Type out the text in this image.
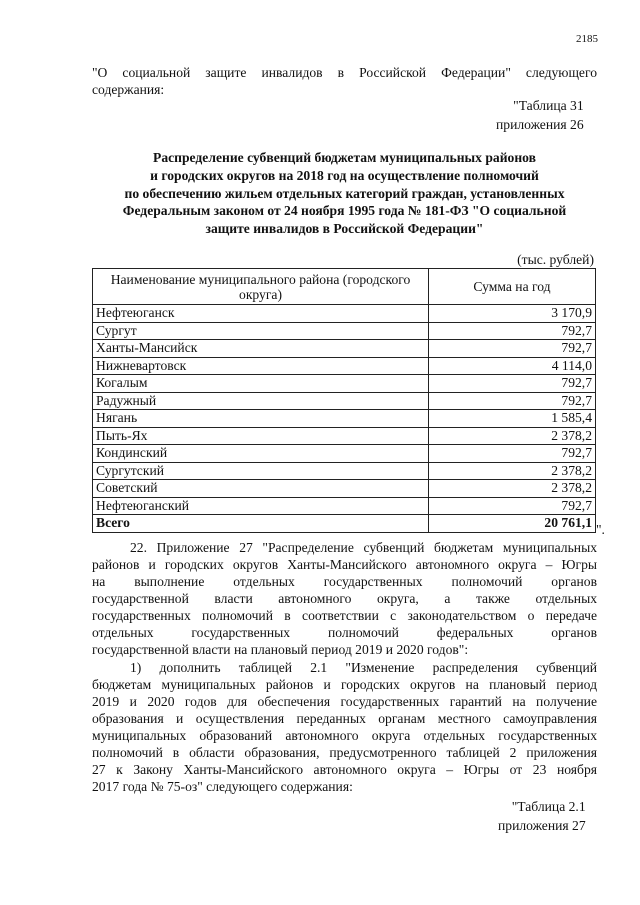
2185
"О социальной защите инвалидов в Российской Федерации" следующего
содержания:
"Таблица 31
приложения 26
Распределение субвенций бюджетам муниципальных районов
и городских округов на 2018 год на осуществление полномочий
по обеспечению жильем отдельных категорий граждан, установленных
Федеральным законом от 24 ноября 1995 года № 181-ФЗ "О социальной
защите инвалидов в Российской Федерации"
(тыс. рублей)
Наименование муниципального района (городского округа)	Сумма на год
Нефтеюганск	3 170,9
Сургут	792,7
Ханты-Мансийск	792,7
Нижневартовск	4 114,0
Когалым	792,7
Радужный	792,7
Нягань	1 585,4
Пыть-Ях	2 378,2
Кондинский	792,7
Сургутский	2 378,2
Советский	2 378,2
Нефтеюганский	792,7
Всего	20 761,1 ".
22. Приложение 27 "Распределение субвенций бюджетам муниципальных
районов и городских округов Ханты-Мансийского автономного округа – Югры
на выполнение отдельных государственных полномочий органов
государственной власти автономного округа, а также отдельных
государственных полномочий в соответствии с законодательством о передаче
отдельных государственных полномочий федеральных органов
государственной власти на плановый период 2019 и 2020 годов":
1) дополнить таблицей 2.1 "Изменение распределения субвенций
бюджетам муниципальных районов и городских округов на плановый период
2019 и 2020 годов для обеспечения государственных гарантий на получение
образования и осуществления переданных органам местного самоуправления
муниципальных образований автономного округа отдельных государственных
полномочий в области образования, предусмотренного таблицей 2 приложения
27 к Закону Ханты-Мансийского автономного округа – Югры от 23 ноября
2017 года № 75-оз" следующего содержания:
"Таблица 2.1
приложения 27
